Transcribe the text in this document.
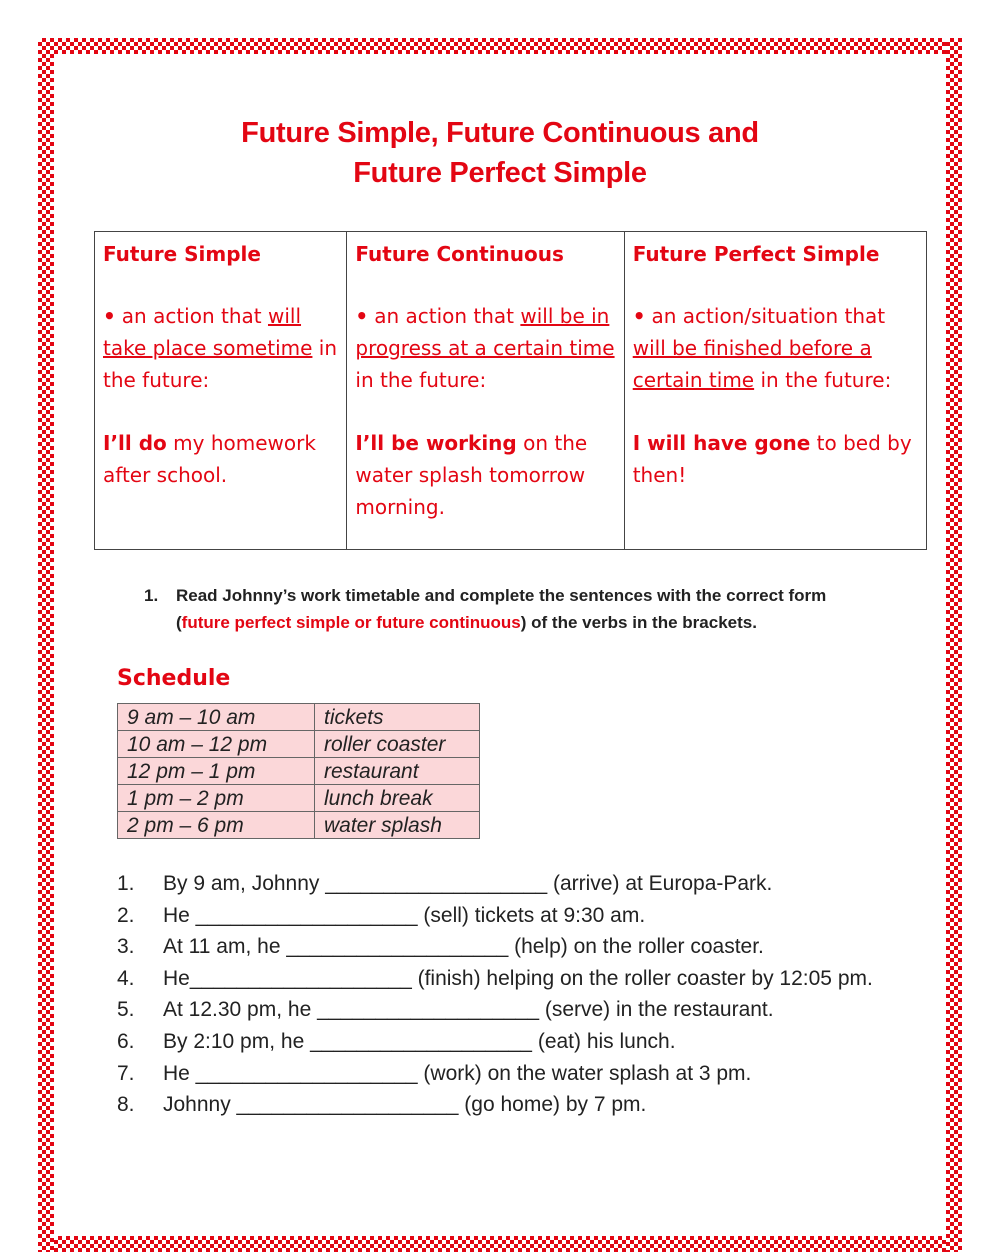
Future Simple, Future Continuous and
Future Perfect Simple
Future Simple
• an action that will take place sometime in the future:
I’ll do my homework after school.
Future Continuous
• an action that will be in progress at a certain time in the future:
I’ll be working on the water splash tomorrow morning.
Future Perfect Simple
• an action/situation that will be finished before a certain time in the future:
I will have gone to bed by then!
1. Read Johnny’s work timetable and complete the sentences with the correct form (future perfect simple or future continuous) of the verbs in the brackets.
Schedule
9 am – 10 am	tickets
10 am – 12 pm	roller coaster
12 pm – 1 pm	restaurant
1 pm – 2 pm	lunch break
2 pm – 6 pm	water splash
1.	By 9 am, Johnny ___________________ (arrive) at Europa-Park.
2.	He ___________________ (sell) tickets at 9:30 am.
3.	At 11 am, he ___________________ (help) on the roller coaster.
4.	He___________________ (finish) helping on the roller coaster by 12:05 pm.
5.	At 12.30 pm, he ___________________ (serve) in the restaurant.
6.	By 2:10 pm, he ___________________ (eat) his lunch.
7.	He ___________________ (work) on the water splash at 3 pm.
8.	Johnny ___________________ (go home) by 7 pm.
